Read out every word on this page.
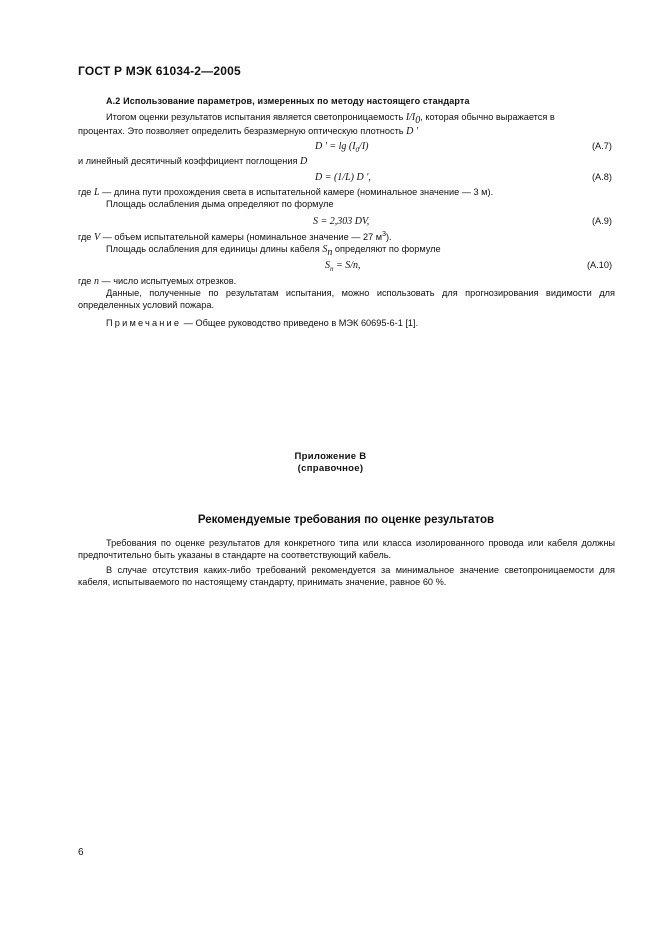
ГОСТ Р МЭК 61034-2—2005
А.2 Использование параметров, измеренных по методу настоящего стандарта
Итогом оценки результатов испытания является светопроницаемость I/I0, которая обычно выражается в
процентах. Это позволяет определить безразмерную оптическую плотность D '
D ' = $\lg (I_0/I)$	(А.7)
и линейный десятичный коэффициент поглощения D
D = (1/L) D ',	(А.8)
где L — длина пути прохождения света в испытательной камере (номинальное значение — 3 м).
Площадь ослабления дыма определяют по формуле
S = 2,303 DV,	(А.9)
где V — объем испытательной камеры (номинальное значение — 27 $м^3$).
Площадь ослабления для единицы длины кабеля Sn определяют по формуле
$S_n = S/n$,	(А.10)
где n — число испытуемых отрезков.
Данные, полученные по результатам испытания, можно использовать для прогнозирования видимости для определенных условий пожара.
Примечание — Общее руководство приведено в МЭК 60695-6-1 [1].
Приложение В
(справочное)
Рекомендуемые требования по оценке результатов
Требования по оценке результатов для конкретного типа или класса изолированного провода или кабеля должны предпочтительно быть указаны в стандарте на соответствующий кабель.
В случае отсутствия каких-либо требований рекомендуется за минимальное значение светопроницаемости для кабеля, испытываемого по настоящему стандарту, принимать значение, равное 60 %.
6
